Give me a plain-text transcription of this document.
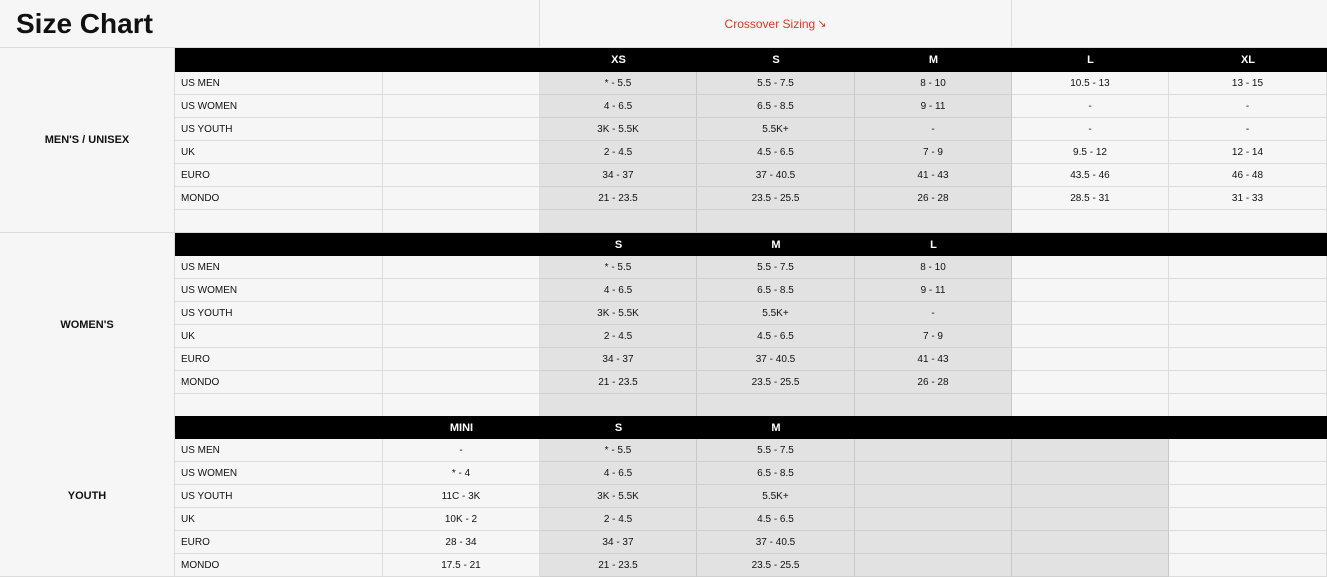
Size Chart	Crossover Sizing ↘
MEN'S / UNISEX
XS	S	M	L	XL
US MEN	* - 5.5	5.5 - 7.5	8 - 10	10.5 - 13	13 - 15
US WOMEN	4 - 6.5	6.5 - 8.5	9 - 11	-	-
US YOUTH	3K - 5.5K	5.5K+	-	-	-
UK	2 - 4.5	4.5 - 6.5	7 - 9	9.5 - 12	12 - 14
EURO	34 - 37	37 - 40.5	41 - 43	43.5 - 46	46 - 48
MONDO	21 - 23.5	23.5 - 25.5	26 - 28	28.5 - 31	31 - 33
WOMEN'S
S	M	L
US MEN	* - 5.5	5.5 - 7.5	8 - 10
US WOMEN	4 - 6.5	6.5 - 8.5	9 - 11
US YOUTH	3K - 5.5K	5.5K+	-
UK	2 - 4.5	4.5 - 6.5	7 - 9
EURO	34 - 37	37 - 40.5	41 - 43
MONDO	21 - 23.5	23.5 - 25.5	26 - 28
YOUTH
MINI	S	M
US MEN	-	* - 5.5	5.5 - 7.5
US WOMEN	* - 4	4 - 6.5	6.5 - 8.5
US YOUTH	11C - 3K	3K - 5.5K	5.5K+
UK	10K - 2	2 - 4.5	4.5 - 6.5
EURO	28 - 34	34 - 37	37 - 40.5
MONDO	17.5 - 21	21 - 23.5	23.5 - 25.5
